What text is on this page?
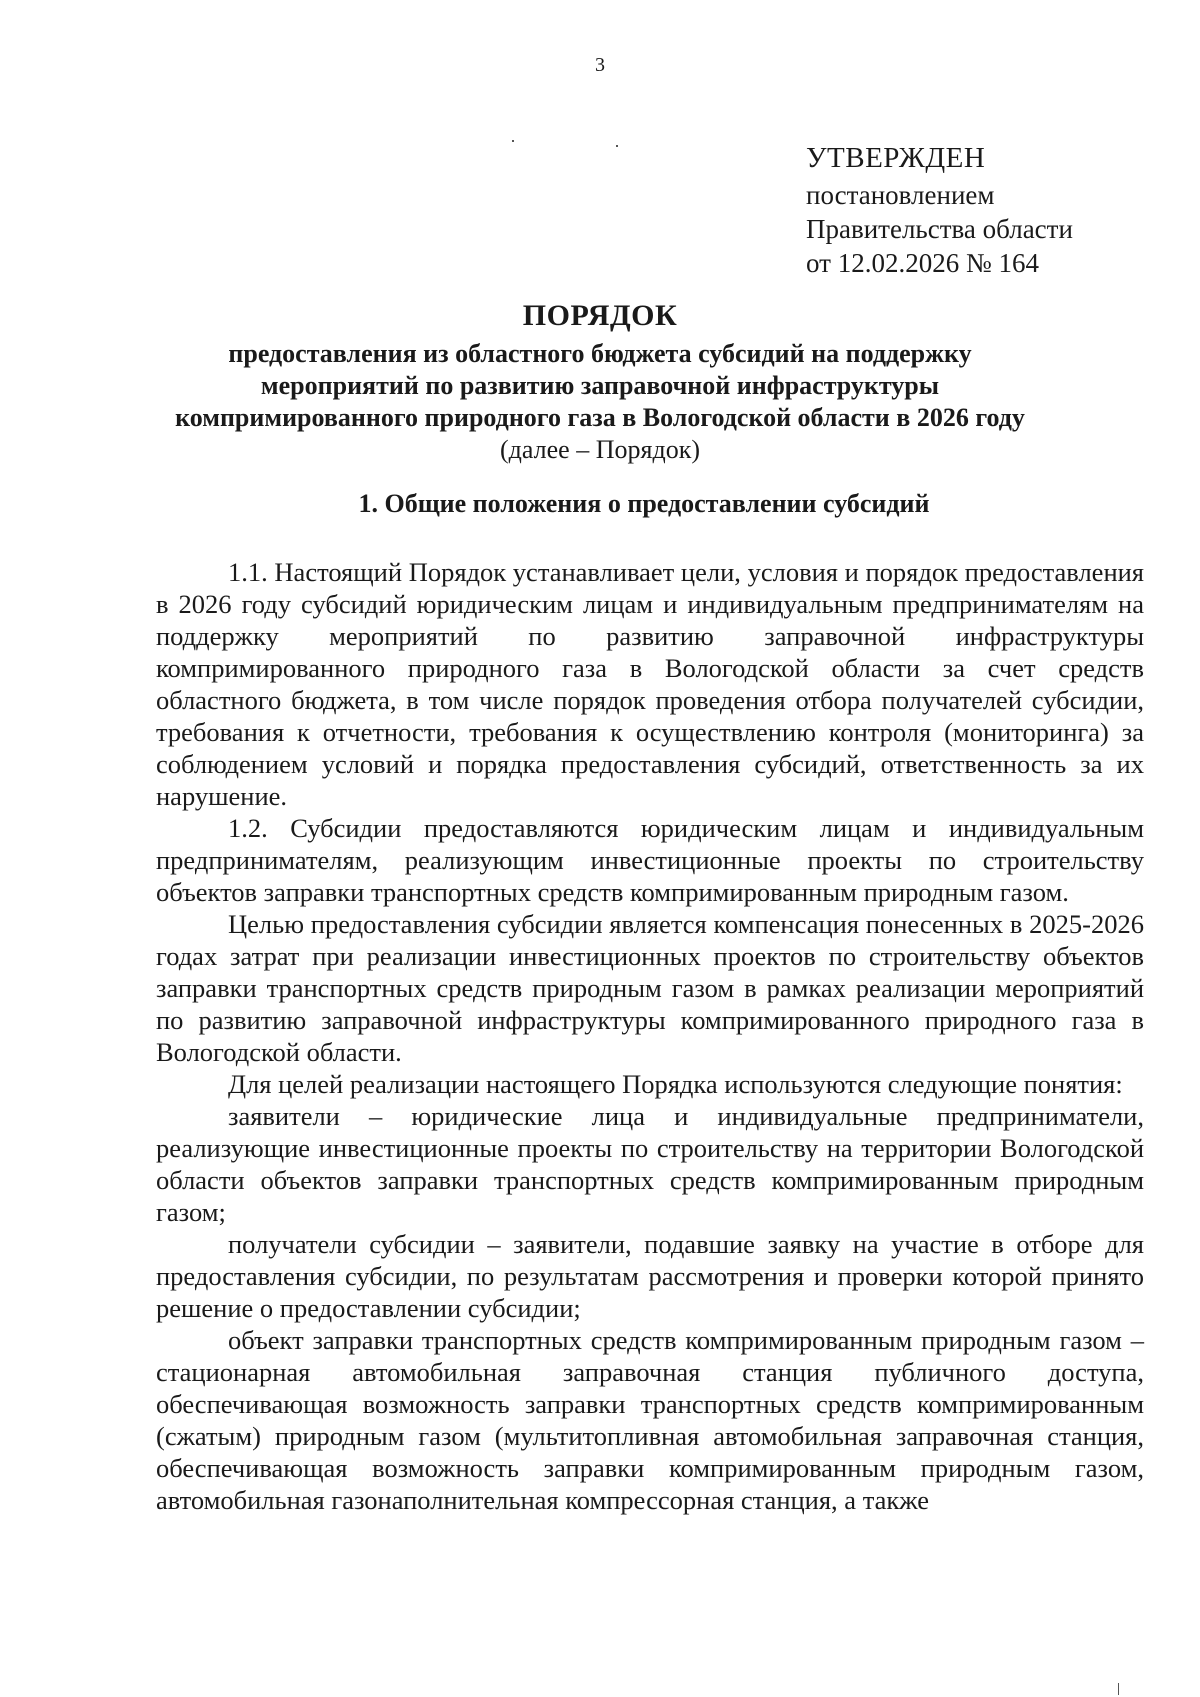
3
УТВЕРЖДЕН
постановлением
Правительства области
от 12.02.2026 № 164
ПОРЯДОК
предоставления из областного бюджета субсидий на поддержку
мероприятий по развитию заправочной инфраструктуры
компримированного природного газа в Вологодской области в 2026 году
(далее – Порядок)
1. Общие положения о предоставлении субсидий

1.1. Настоящий Порядок устанавливает цели, условия и порядок предоставления в 2026 году субсидий юридическим лицам и индивидуальным предпринимателям на поддержку мероприятий по развитию заправочной инфраструктуры компримированного природного газа в Вологодской области за счет средств областного бюджета, в том числе порядок проведения отбора получателей субсидии, требования к отчетности, требования к осуществлению контроля (мониторинга) за соблюдением условий и порядка предоставления субсидий, ответственность за их нарушение.

1.2. Субсидии предоставляются юридическим лицам и индивидуальным предпринимателям, реализующим инвестиционные проекты по строительству объектов заправки транспортных средств компримированным природным газом.

Целью предоставления субсидии является компенсация понесенных в 2025-2026 годах затрат при реализации инвестиционных проектов по строительству объектов заправки транспортных средств природным газом в рамках реализации мероприятий по развитию заправочной инфраструктуры компримированного природного газа в Вологодской области.

Для целей реализации настоящего Порядка используются следующие понятия:

заявители – юридические лица и индивидуальные предприниматели, реализующие инвестиционные проекты по строительству на территории Вологодской области объектов заправки транспортных средств компримированным природным газом;

получатели субсидии – заявители, подавшие заявку на участие в отборе для предоставления субсидии, по результатам рассмотрения и проверки которой принято решение о предоставлении субсидии;

объект заправки транспортных средств компримированным природным газом – стационарная автомобильная заправочная станция публичного доступа, обеспечивающая возможность заправки транспортных средств компримированным (сжатым) природным газом (мультитопливная автомобильная заправочная станция, обеспечивающая возможность заправки компримированным природным газом, автомобильная газонаполнительная компрессорная станция, а также
